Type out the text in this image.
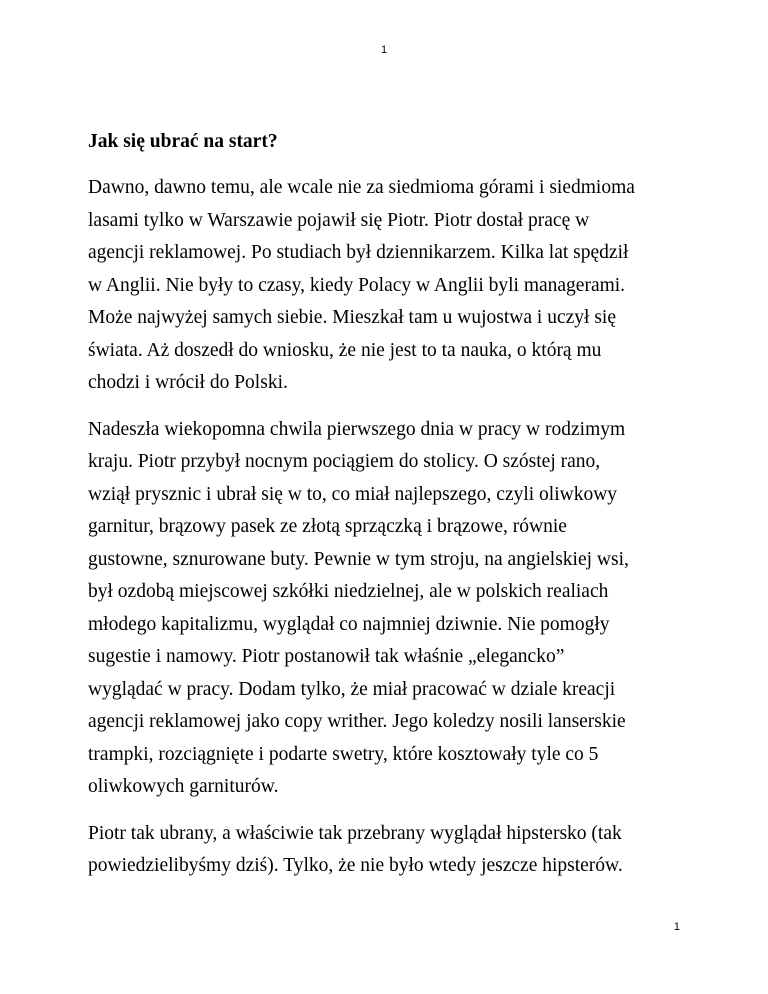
1
Jak się ubrać na start?

Dawno, dawno temu, ale wcale nie za siedmioma górami i siedmioma
lasami tylko w Warszawie pojawił się Piotr. Piotr dostał pracę w
agencji reklamowej. Po studiach był dziennikarzem. Kilka lat spędził
w Anglii. Nie były to czasy, kiedy Polacy w Anglii byli managerami.
Może najwyżej samych siebie. Mieszkał tam u wujostwa i uczył się
świata. Aż doszedł do wniosku, że nie jest to ta nauka, o którą mu
chodzi i wrócił do Polski.

Nadeszła wiekopomna chwila pierwszego dnia w pracy w rodzimym
kraju. Piotr przybył nocnym pociągiem do stolicy. O szóstej rano,
wziął prysznic i ubrał się w to, co miał najlepszego, czyli oliwkowy
garnitur, brązowy pasek ze złotą sprzączką i brązowe, równie
gustowne, sznurowane buty. Pewnie w tym stroju, na angielskiej wsi,
był ozdobą miejscowej szkółki niedzielnej, ale w polskich realiach
młodego kapitalizmu, wyglądał co najmniej dziwnie. Nie pomogły
sugestie i namowy. Piotr postanowił tak właśnie „elegancko”
wyglądać w pracy. Dodam tylko, że miał pracować w dziale kreacji
agencji reklamowej jako copy writher. Jego koledzy nosili lanserskie
trampki, rozciągnięte i podarte swetry, które kosztowały tyle co 5
oliwkowych garniturów.

Piotr tak ubrany, a właściwie tak przebrany wyglądał hipstersko (tak
powiedzielibyśmy dziś). Tylko, że nie było wtedy jeszcze hipsterów.

1
